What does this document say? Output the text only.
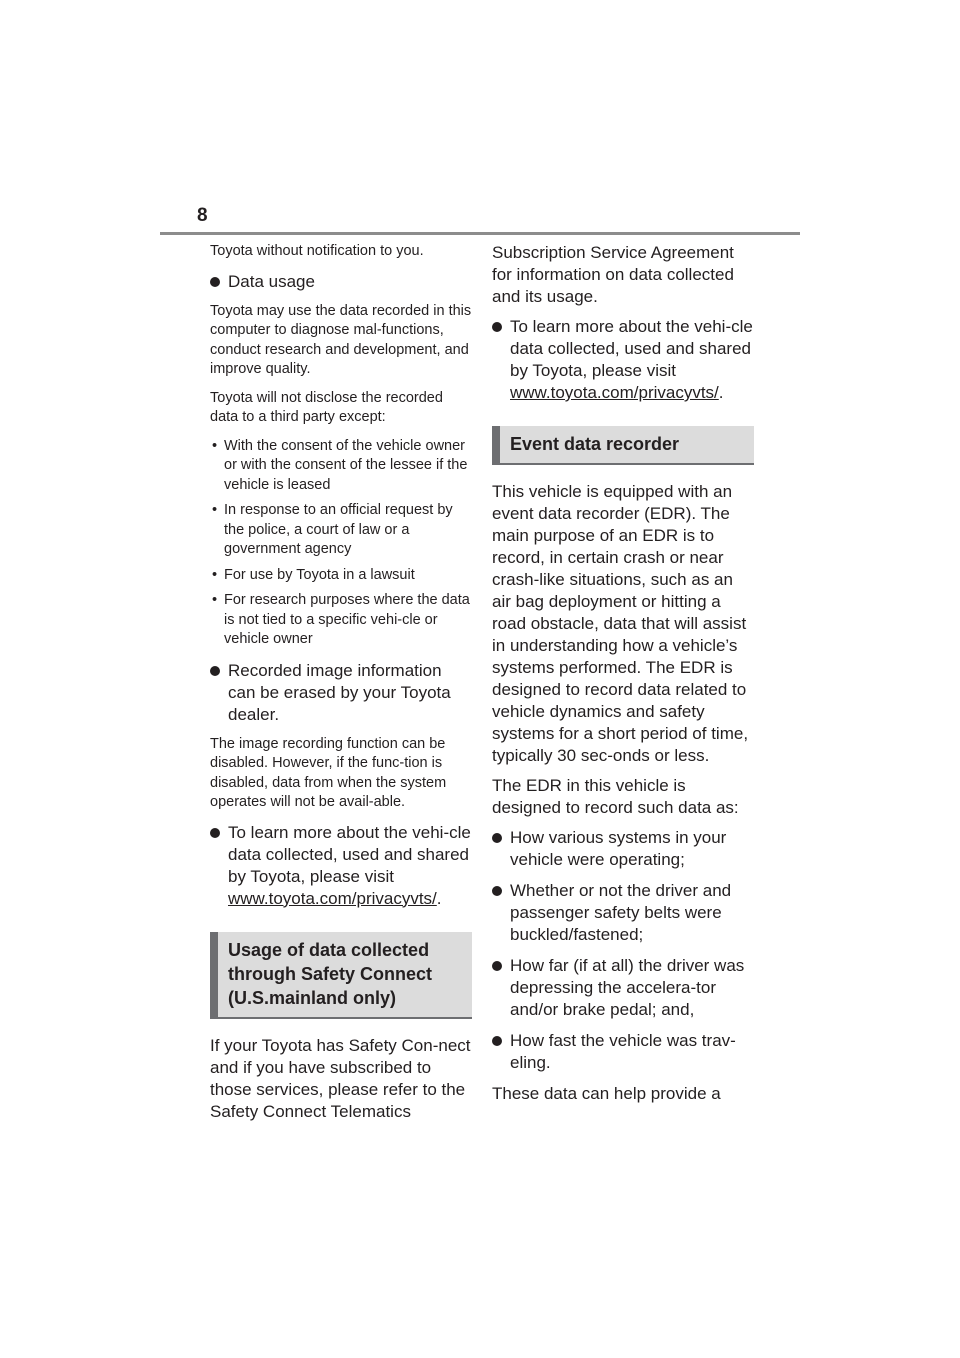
8

Toyota without notification to you.

Data usage

Toyota may use the data recorded in this computer to diagnose mal-functions, conduct research and development, and improve quality.

Toyota will not disclose the recorded data to a third party except:

• With the consent of the vehicle owner or with the consent of the lessee if the vehicle is leased
• In response to an official request by the police, a court of law or a government agency
• For use by Toyota in a lawsuit
• For research purposes where the data is not tied to a specific vehi-cle or vehicle owner
Recorded image information can be erased by your Toyota dealer.

The image recording function can be disabled. However, if the func-tion is disabled, data from when the system operates will not be avail-able.

To learn more about the vehi-cle data collected, used and shared by Toyota, please visit www.toyota.com/privacyvts/.
Usage of data collected through Safety Connect (U.S.mainland only)

If your Toyota has Safety Con-nect and if you have subscribed to those services, please refer to the Safety Connect Telematics

Subscription Service Agreement for information on data collected and its usage.

To learn more about the vehi-cle data collected, used and shared by Toyota, please visit www.toyota.com/privacyvts/.
Event data recorder

This vehicle is equipped with an event data recorder (EDR). The main purpose of an EDR is to record, in certain crash or near crash-like situations, such as an air bag deployment or hitting a road obstacle, data that will assist in understanding how a vehicle’s systems performed. The EDR is designed to record data related to vehicle dynamics and safety systems for a short period of time, typically 30 sec-onds or less.

The EDR in this vehicle is designed to record such data as:

How various systems in your vehicle were operating;
Whether or not the driver and passenger safety belts were buckled/fastened;
How far (if at all) the driver was depressing the accelera-tor and/or brake pedal; and,
How fast the vehicle was trav-eling.

These data can help provide a
